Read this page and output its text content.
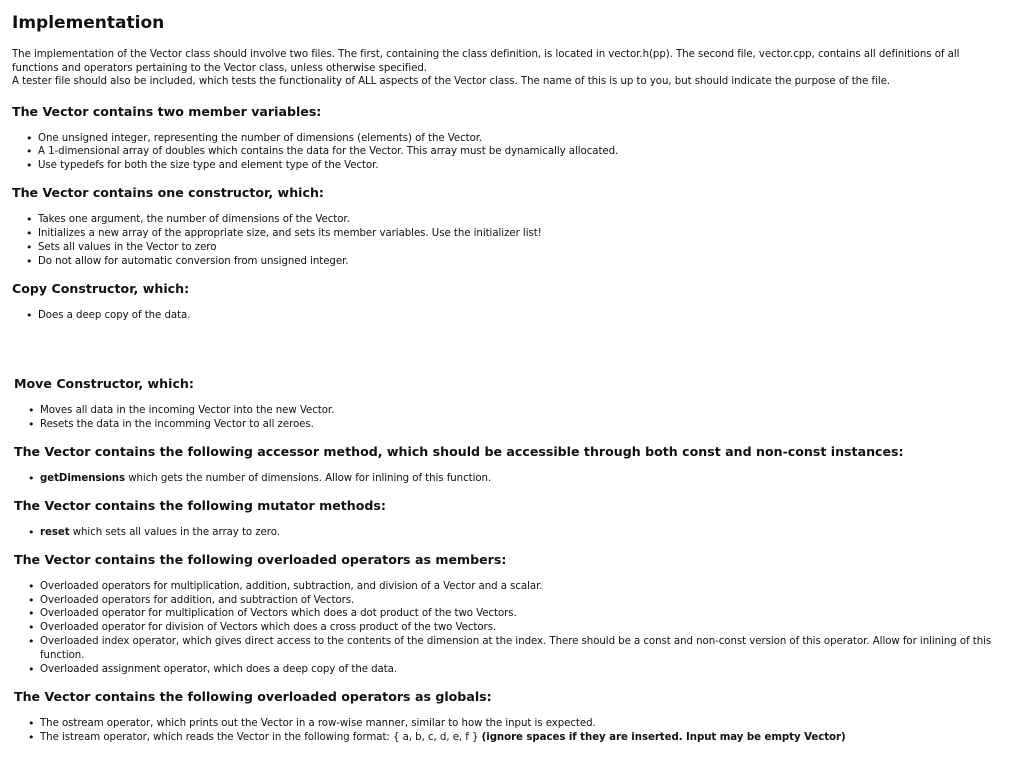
Implementation

The implementation of the Vector class should involve two files. The first, containing the class definition, is located in vector.h(pp). The second file, vector.cpp, contains all definitions of all functions and operators pertaining to the Vector class, unless otherwise specified.

A tester file should also be included, which tests the functionality of ALL aspects of the Vector class. The name of this is up to you, but should indicate the purpose of the file.

The Vector contains two member variables:
• One unsigned integer, representing the number of dimensions (elements) of the Vector.
• A 1-dimensional array of doubles which contains the data for the Vector. This array must be dynamically allocated.
• Use typedefs for both the size type and element type of the Vector.
The Vector contains one constructor, which:
• Takes one argument, the number of dimensions of the Vector.
• Initializes a new array of the appropriate size, and sets its member variables. Use the initializer list!
• Sets all values in the Vector to zero
• Do not allow for automatic conversion from unsigned integer.
Copy Constructor, which:
• Does a deep copy of the data.
Move Constructor, which:
• Moves all data in the incoming Vector into the new Vector.
• Resets the data in the incomming Vector to all zeroes.
The Vector contains the following accessor method, which should be accessible through both const and non-const instances:
• getDimensions which gets the number of dimensions. Allow for inlining of this function.
The Vector contains the following mutator methods:
• reset which sets all values in the array to zero.
The Vector contains the following overloaded operators as members:
• Overloaded operators for multiplication, addition, subtraction, and division of a Vector and a scalar.
• Overloaded operators for addition, and subtraction of Vectors.
• Overloaded operator for multiplication of Vectors which does a dot product of the two Vectors.
• Overloaded operator for division of Vectors which does a cross product of the two Vectors.
• Overloaded index operator, which gives direct access to the contents of the dimension at the index. There should be a const and non-const version of this operator. Allow for inlining of this function.
• Overloaded assignment operator, which does a deep copy of the data.
The Vector contains the following overloaded operators as globals:
• The ostream operator, which prints out the Vector in a row-wise manner, similar to how the input is expected.
• The istream operator, which reads the Vector in the following format: { a, b, c, d, e, f } (ignore spaces if they are inserted. Input may be empty Vector)
